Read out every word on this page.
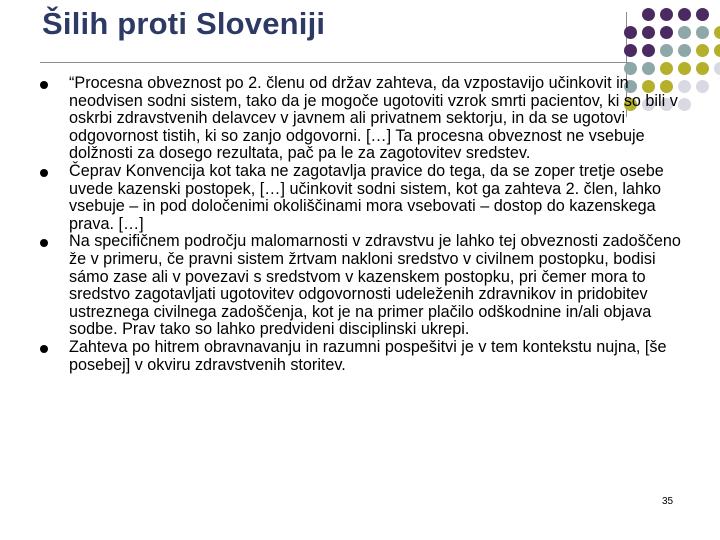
Šilih proti Sloveniji
“Procesna obveznost po 2. členu od držav zahteva, da vzpostavijo učinkovit in neodvisen sodni sistem, tako da je mogoče ugotoviti vzrok smrti pacientov, ki so bili v oskrbi zdravstvenih delavcev v javnem ali privatnem sektorju, in da se ugotovi odgovornost tistih, ki so zanjo odgovorni. […] Ta procesna obveznost ne vsebuje dolžnosti za dosego rezultata, pač pa le za zagotovitev sredstev.
Čeprav Konvencija kot taka ne zagotavlja pravice do tega, da se zoper tretje osebe uvede kazenski postopek, […] učinkovit sodni sistem, kot ga zahteva 2. člen, lahko vsebuje – in pod določenimi okoliščinami mora vsebovati – dostop do kazenskega prava. […]
Na specifičnem področju malomarnosti v zdravstvu je lahko tej obveznosti zadoščeno že v primeru, če pravni sistem žrtvam nakloni sredstvo v civilnem postopku, bodisi sámo zase ali v povezavi s sredstvom v kazenskem postopku, pri čemer mora to sredstvo zagotavljati ugotovitev odgovornosti udeleženih zdravnikov in pridobitev ustreznega civilnega zadoščenja, kot je na primer plačilo odškodnine in/ali objava sodbe. Prav tako so lahko predvideni disciplinski ukrepi.
Zahteva po hitrem obravnavanju in razumni pospešitvi je v tem kontekstu nujna, [še posebej] v okviru zdravstvenih storitev.
35
